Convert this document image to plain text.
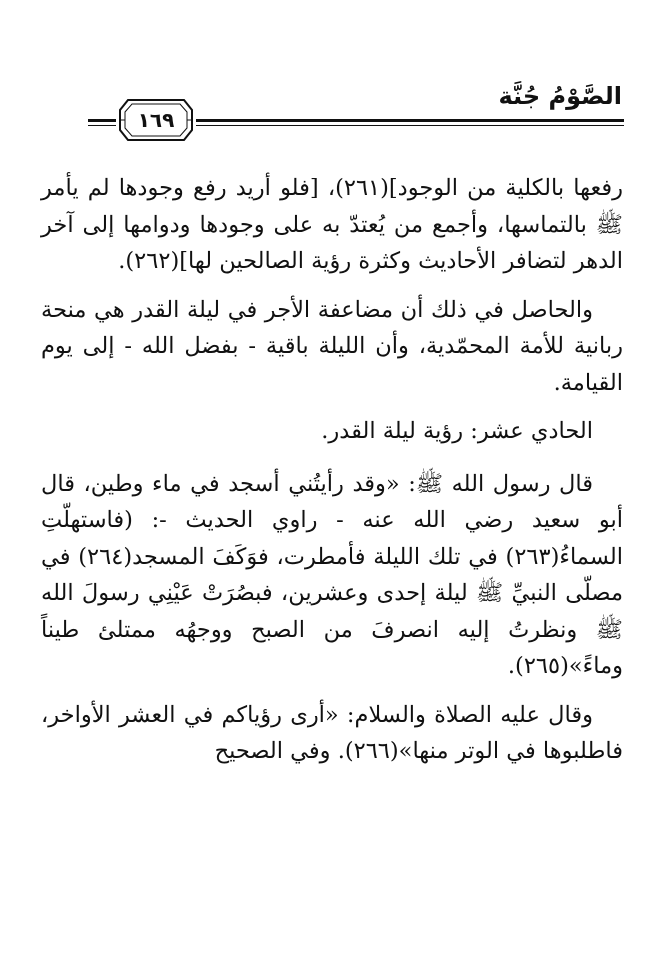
الصَّوْمُ جُنَّة
١٦٩

رفعها بالكلية من الوجود](٢٦١)، [فلو أريد رفع وجودها لم يأمر ﷺ بالتماسها، وأجمع من يُعتدّ به على وجودها ودوامها إلى آخر الدهر لتضافر الأحاديث وكثرة رؤية الصالحين لها](٢٦٢).

والحاصل في ذلك أن مضاعفة الأجر في ليلة القدر هي منحة ربانية للأمة المحمّدية، وأن الليلة باقية - بفضل الله - إلى يوم القيامة.

الحادي عشر: رؤية ليلة القدر.

قال رسول الله ﷺ: «وقد رأيتُني أسجد في ماء وطين، قال أبو سعيد رضي الله عنه - راوي الحديث -: (فاستهلّتِ السماءُ(٢٦٣) في تلك الليلة فأمطرت، فوَكَفَ المسجد(٢٦٤) في مصلّى النبيِّ ﷺ ليلة إحدى وعشرين، فبصُرَتْ عَيْنِي رسولَ الله ﷺ ونظرتُ إليه انصرفَ من الصبح ووجهُه ممتلئ طيناً وماءً»(٢٦٥).

وقال عليه الصلاة والسلام: «أرى رؤياكم في العشر الأواخر، فاطلبوها في الوتر منها»(٢٦٦). وفي الصحيح
